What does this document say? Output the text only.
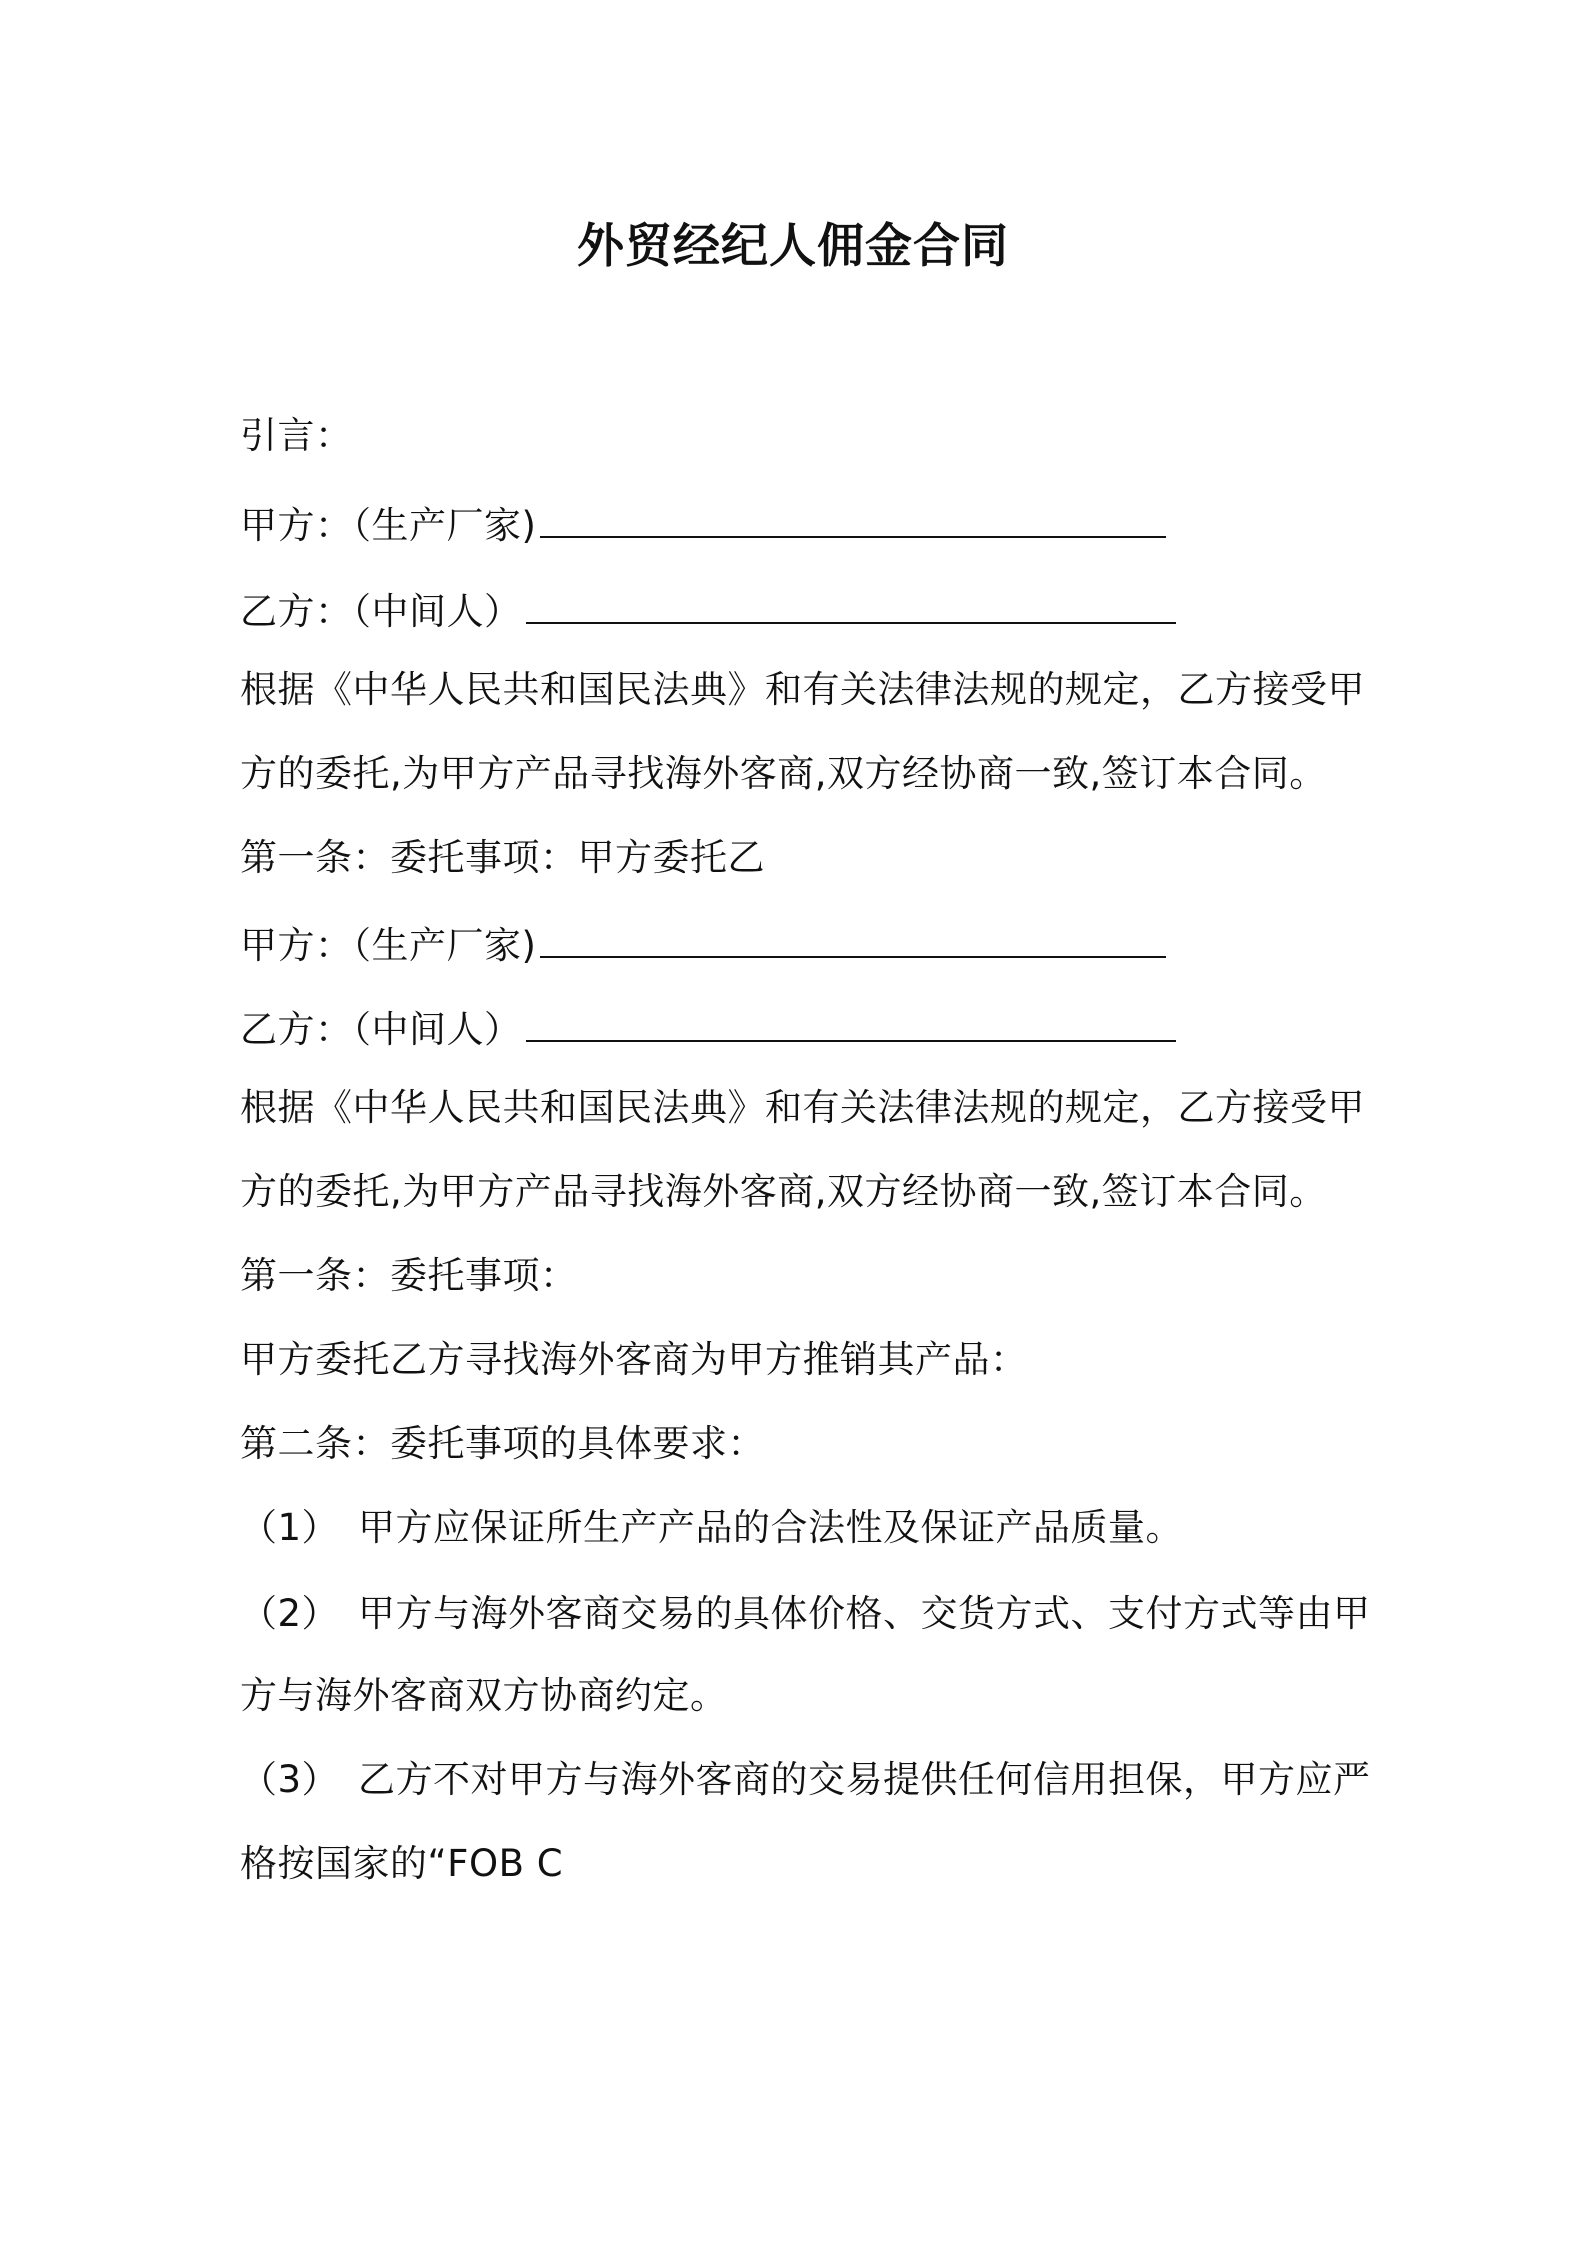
外贸经纪人佣金合同
引言：
甲方：（生产厂家)
乙方：（中间人）
根据《中华人民共和国民法典》和有关法律法规的规定，乙方接受甲
方的委托,为甲方产品寻找海外客商,双方经协商一致,签订本合同。
第一条：委托事项：甲方委托乙
甲方：（生产厂家)
乙方：（中间人）
根据《中华人民共和国民法典》和有关法律法规的规定，乙方接受甲
方的委托,为甲方产品寻找海外客商,双方经协商一致,签订本合同。
第一条：委托事项：
甲方委托乙方寻找海外客商为甲方推销其产品：
第二条：委托事项的具体要求：
（1）　甲方应保证所生产产品的合法性及保证产品质量。
（2）　甲方与海外客商交易的具体价格、交货方式、支付方式等由甲
方与海外客商双方协商约定。
（3）　乙方不对甲方与海外客商的交易提供任何信用担保，甲方应严
格按国家的“FOB C
